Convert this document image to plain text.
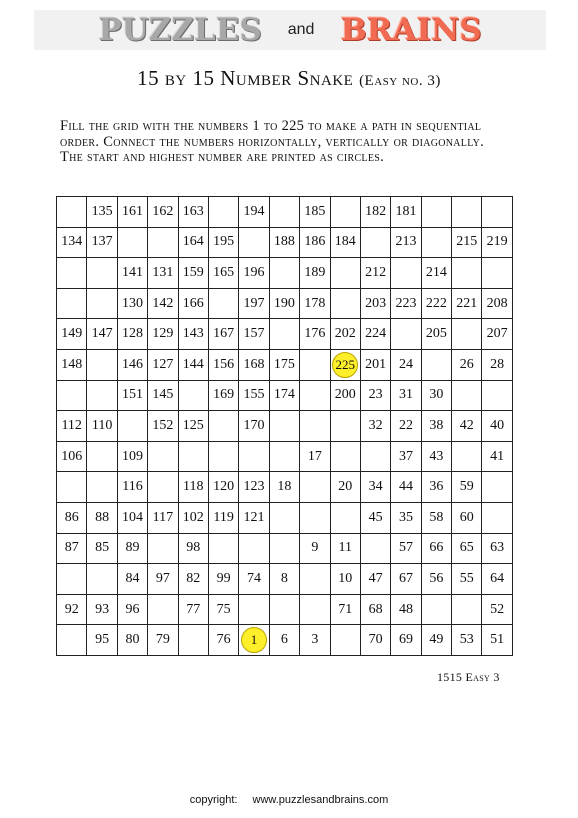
PUZZLES and BRAINS
15 by 15 Number Snake (Easy no. 3)
Fill the grid with the numbers 1 to 225 to make a path in sequential
order. Connect the numbers horizontally, vertically or diagonally.
The start and highest number are printed as circles.
	135	161	162	163		194		185		182	181			
134	137			164	195		188	186	184		213		215	219
		141	131	159	165	196		189		212		214		
		130	142	166		197	190	178		203	223	222	221	208
149	147	128	129	143	167	157		176	202	224		205		207
148		146	127	144	156	168	175		225	201	24		26	28
		151	145		169	155	174		200	23	31	30		
112	110		152	125		170				32	22	38	42	40
106		109						17			37	43		41
		116		118	120	123	18		20	34	44	36	59	
86	88	104	117	102	119	121				45	35	58	60	
87	85	89		98				9	11		57	66	65	63
		84	97	82	99	74	8		10	47	67	56	55	64
92	93	96		77	75				71	68	48			52
	95	80	79		76	1	6	3		70	69	49	53	51
1515 Easy 3
copyright: www.puzzlesandbrains.com
